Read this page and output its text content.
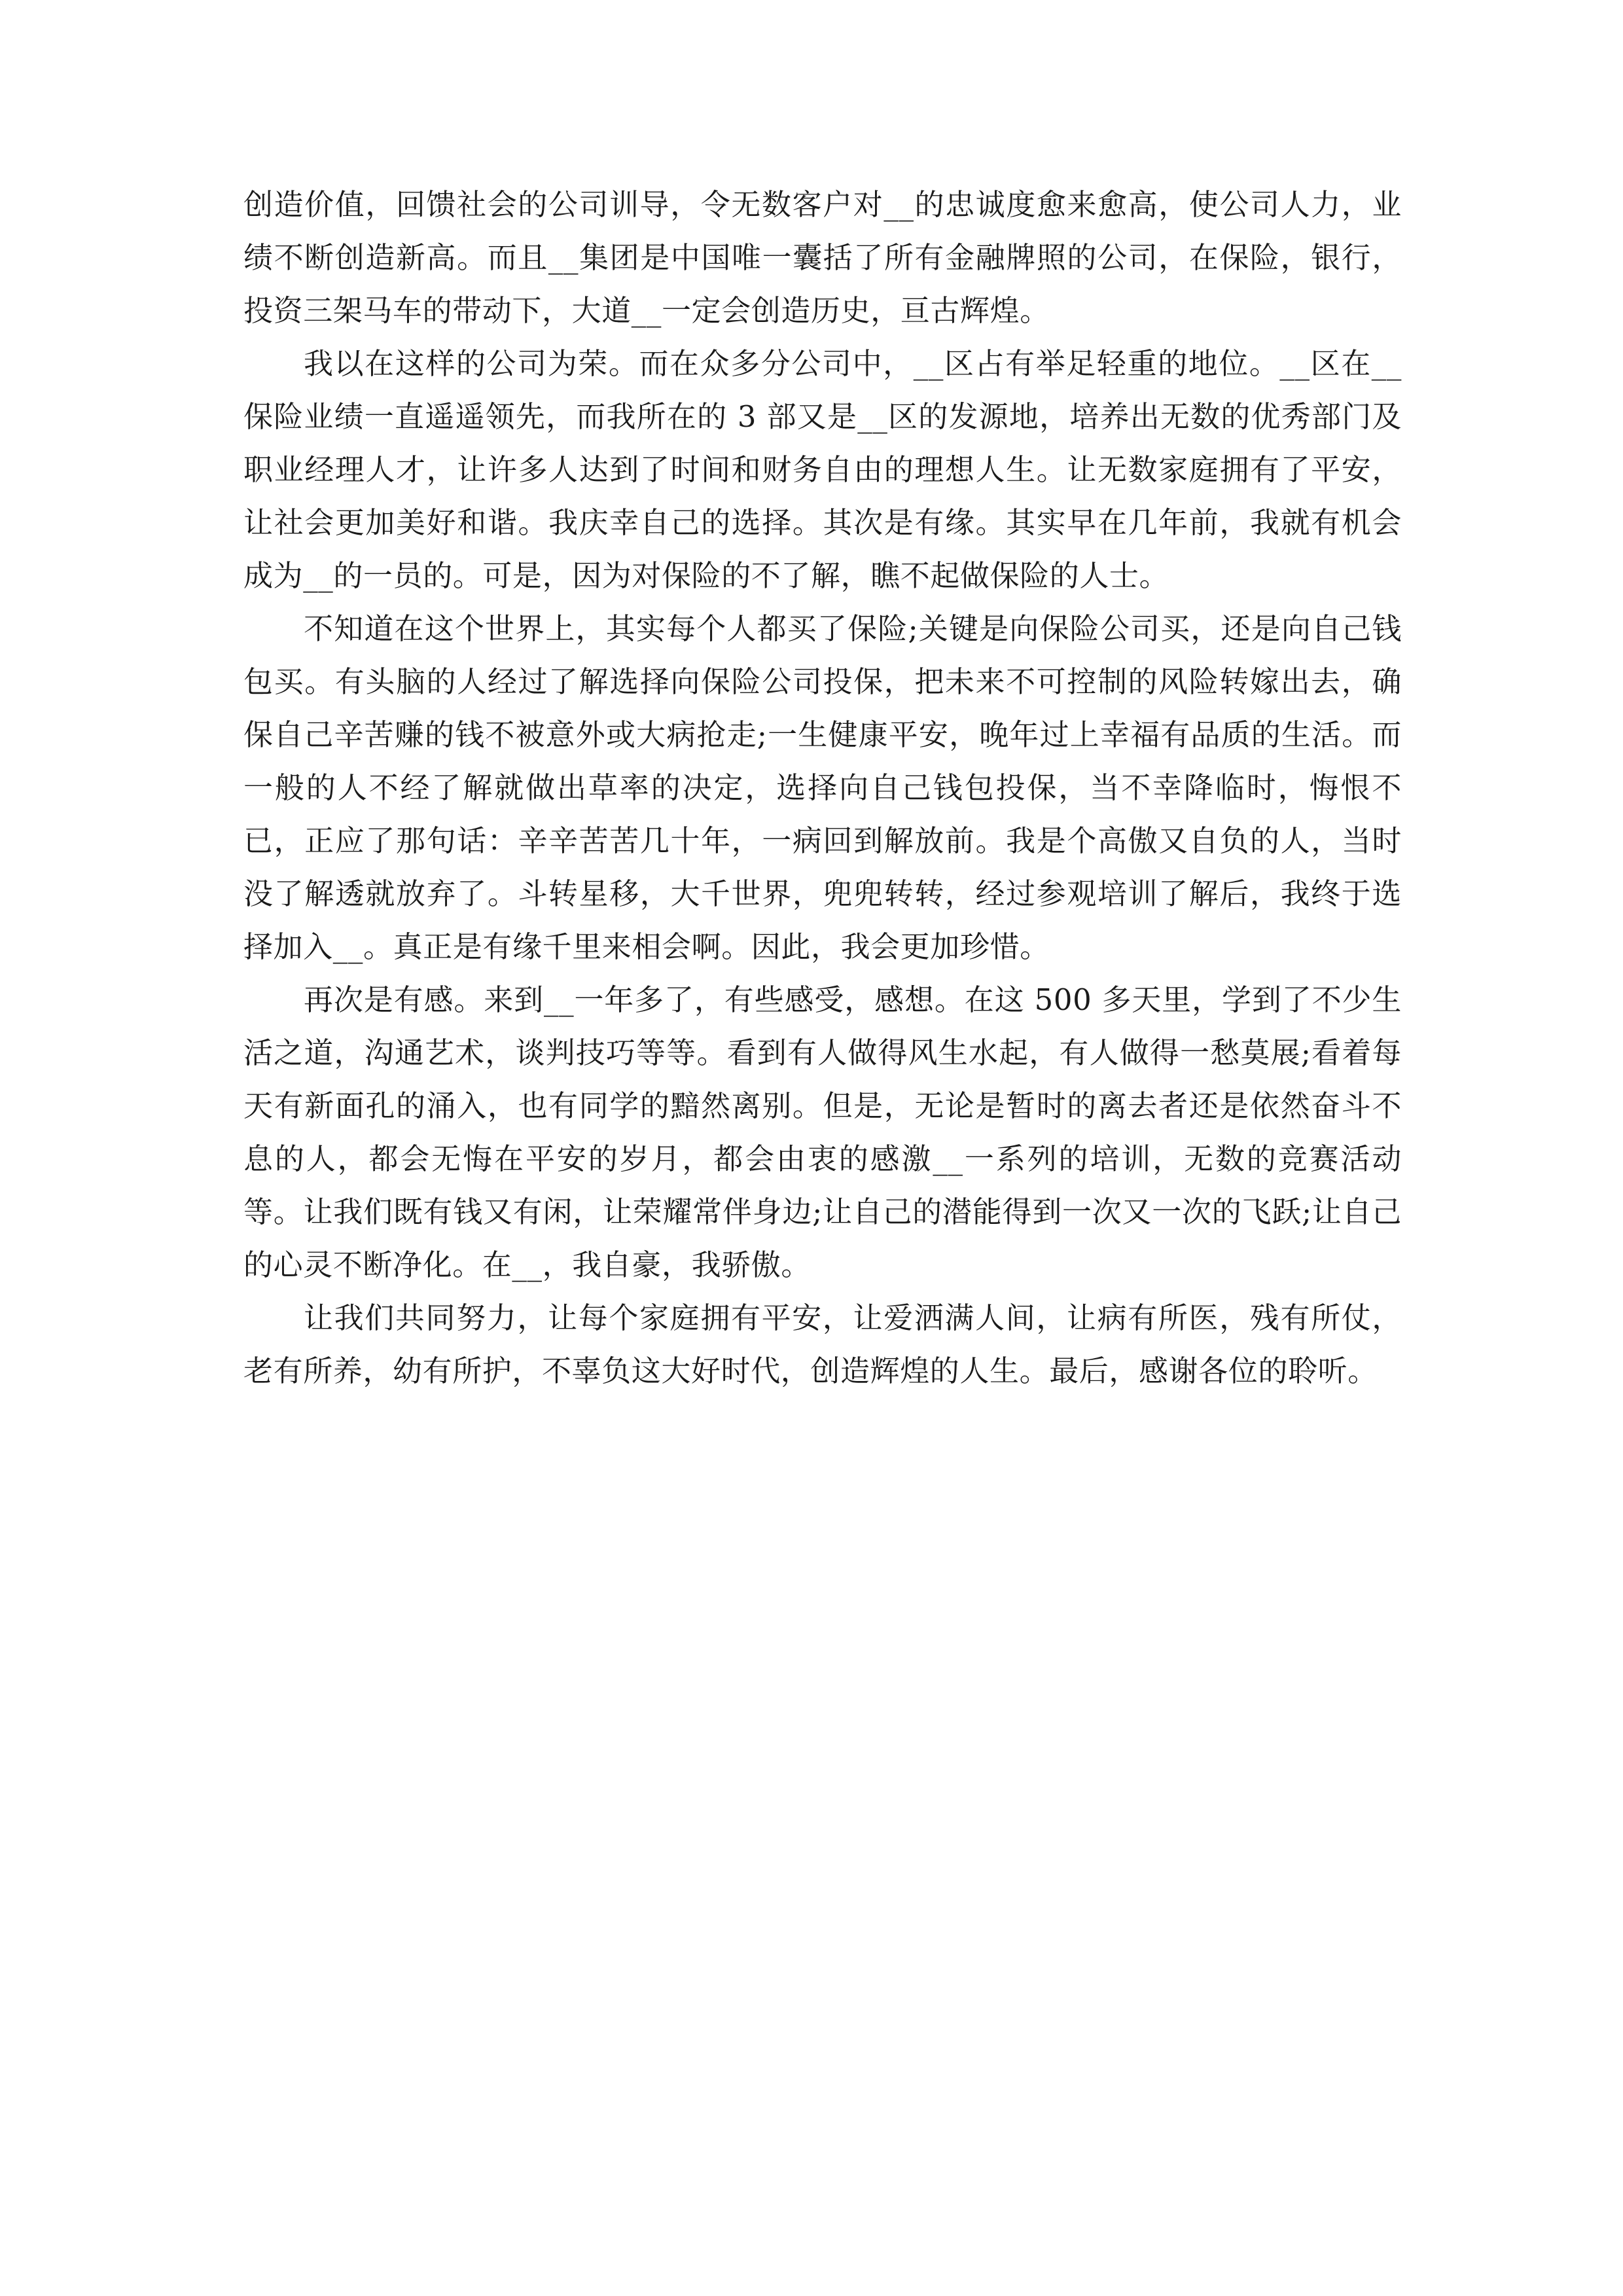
创造价值，回馈社会的公司训导，令无数客户对__的忠诚度愈来愈高，使公司人力，业绩不断创造新高。而且__集团是中国唯一囊括了所有金融牌照的公司，在保险，银行，投资三架马车的带动下，大道__一定会创造历史，亘古辉煌。

我以在这样的公司为荣。而在众多分公司中，__区占有举足轻重的地位。__区在__保险业绩一直遥遥领先，而我所在的 3 部又是__区的发源地，培养出无数的优秀部门及职业经理人才，让许多人达到了时间和财务自由的理想人生。让无数家庭拥有了平安，让社会更加美好和谐。我庆幸自己的选择。其次是有缘。其实早在几年前，我就有机会成为__的一员的。可是，因为对保险的不了解，瞧不起做保险的人士。

不知道在这个世界上，其实每个人都买了保险;关键是向保险公司买，还是向自己钱包买。有头脑的人经过了解选择向保险公司投保，把未来不可控制的风险转嫁出去，确保自己辛苦赚的钱不被意外或大病抢走;一生健康平安，晚年过上幸福有品质的生活。而一般的人不经了解就做出草率的决定，选择向自己钱包投保，当不幸降临时，悔恨不已，正应了那句话：辛辛苦苦几十年，一病回到解放前。我是个高傲又自负的人，当时没了解透就放弃了。斗转星移，大千世界，兜兜转转，经过参观培训了解后，我终于选择加入__。真正是有缘千里来相会啊。因此，我会更加珍惜。

再次是有感。来到__一年多了，有些感受，感想。在这 500 多天里，学到了不少生活之道，沟通艺术，谈判技巧等等。看到有人做得风生水起，有人做得一愁莫展;看着每天有新面孔的涌入，也有同学的黯然离别。但是，无论是暂时的离去者还是依然奋斗不息的人，都会无悔在平安的岁月，都会由衷的感激__一系列的培训，无数的竞赛活动等。让我们既有钱又有闲，让荣耀常伴身边;让自己的潜能得到一次又一次的飞跃;让自己的心灵不断净化。在__，我自豪，我骄傲。

让我们共同努力，让每个家庭拥有平安，让爱洒满人间，让病有所医，残有所仗，老有所养，幼有所护，不辜负这大好时代，创造辉煌的人生。最后，感谢各位的聆听。
